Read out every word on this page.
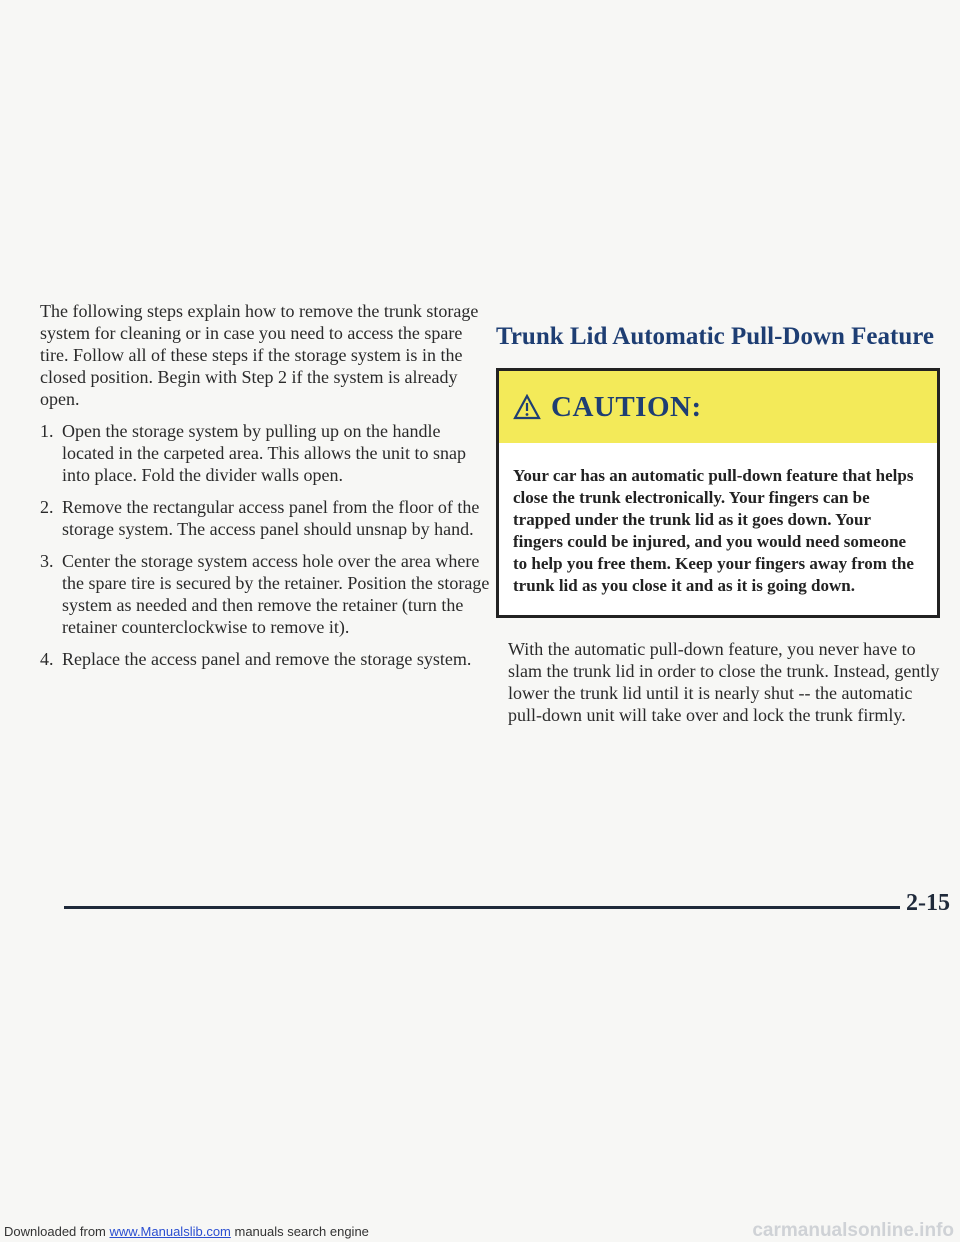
The following steps explain how to remove the trunk storage system for cleaning or in case you need to access the spare tire. Follow all of these steps if the storage system is in the closed position. Begin with Step 2 if the system is already open.

1. Open the storage system by pulling up on the handle located in the carpeted area. This allows the unit to snap into place. Fold the divider walls open.
2. Remove the rectangular access panel from the floor of the storage system. The access panel should unsnap by hand.
3. Center the storage system access hole over the area where the spare tire is secured by the retainer. Position the storage system as needed and then remove the retainer (turn the retainer counterclockwise to remove it).
4. Replace the access panel and remove the storage system.
Trunk Lid Automatic Pull-Down Feature
CAUTION:

Your car has an automatic pull-down feature that helps close the trunk electronically. Your fingers can be trapped under the trunk lid as it goes down. Your fingers could be injured, and you would need someone to help you free them. Keep your fingers away from the trunk lid as you close it and as it is going down.

With the automatic pull-down feature, you never have to slam the trunk lid in order to close the trunk. Instead, gently lower the trunk lid until it is nearly shut -- the automatic pull-down unit will take over and lock the trunk firmly.

2-15
Downloaded from www.Manualslib.com manuals search engine	carmanualsonline.info
